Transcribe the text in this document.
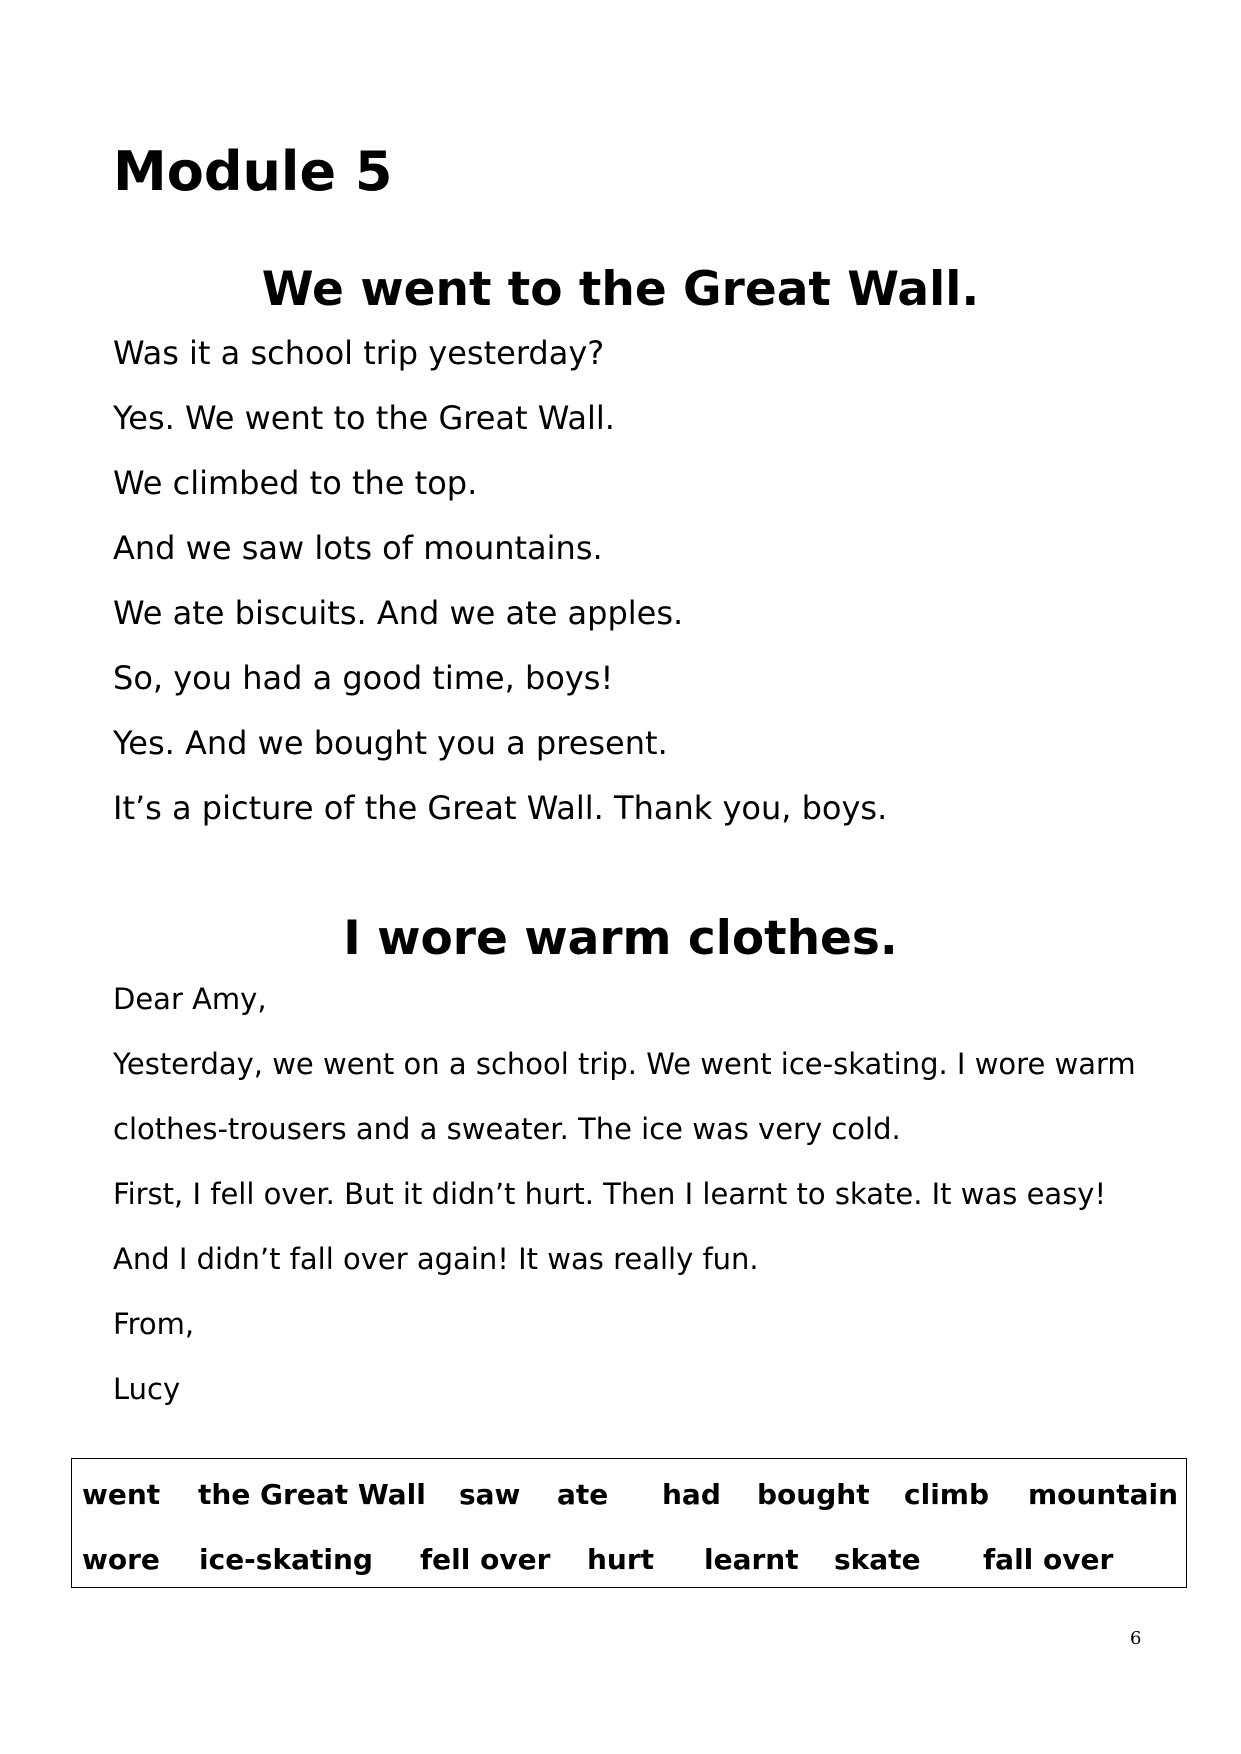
Module 5
We went to the Great Wall.
Was it a school trip yesterday?
Yes. We went to the Great Wall.
We climbed to the top.
And we saw lots of mountains.
We ate biscuits. And we ate apples.
So, you had a good time, boys!
Yes. And we bought you a present.
It’s a picture of the Great Wall. Thank you, boys.
I wore warm clothes.
Dear Amy,
Yesterday, we went on a school trip. We went ice-skating. I wore warm
clothes-trousers and a sweater. The ice was very cold.
First, I fell over. But it didn’t hurt. Then I learnt to skate. It was easy!
And I didn’t fall over again! It was really fun.
From,
Lucy
went the Great Wall saw ate had bought climb mountain
wore ice-skating fell over hurt learnt skate fall over
6
